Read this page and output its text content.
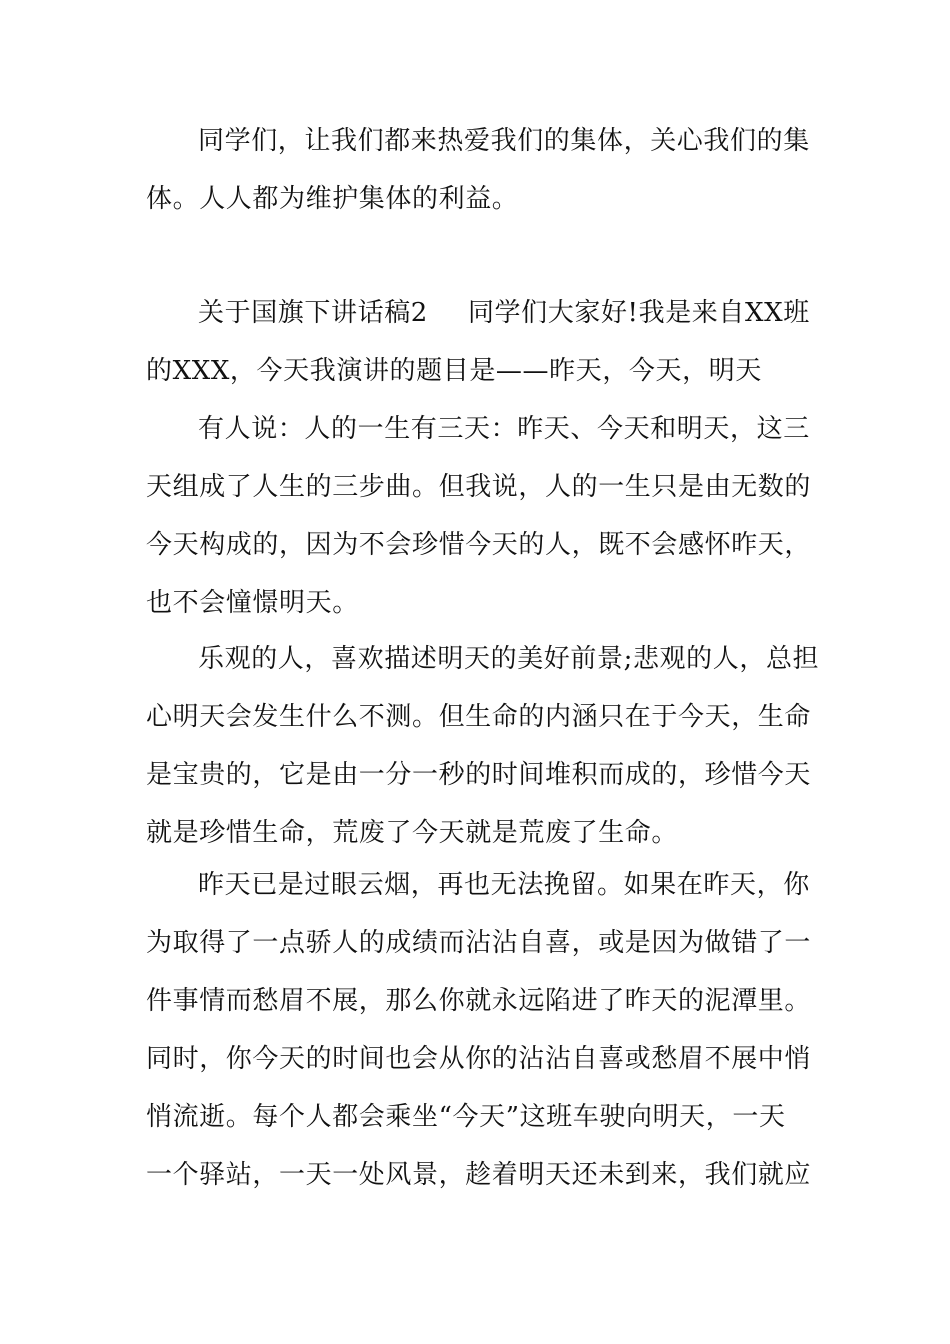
同学们，让我们都来热爱我们的集体，关心我们的集
体。人人都为维护集体的利益。

关于国旗下讲话稿2 同学们大家好!我是来自XX班
的XXX，今天我演讲的题目是——昨天，今天，明天

有人说：人的一生有三天：昨天、今天和明天，这三
天组成了人生的三步曲。但我说，人的一生只是由无数的
今天构成的，因为不会珍惜今天的人，既不会感怀昨天，
也不会憧憬明天。

乐观的人，喜欢描述明天的美好前景;悲观的人，总担
心明天会发生什么不测。但生命的内涵只在于今天，生命
是宝贵的，它是由一分一秒的时间堆积而成的，珍惜今天
就是珍惜生命，荒废了今天就是荒废了生命。

昨天已是过眼云烟，再也无法挽留。如果在昨天，你
为取得了一点骄人的成绩而沾沾自喜，或是因为做错了一
件事情而愁眉不展，那么你就永远陷进了昨天的泥潭里。
同时，你今天的时间也会从你的沾沾自喜或愁眉不展中悄
悄流逝。每个人都会乘坐“今天”这班车驶向明天，一天
一个驿站，一天一处风景，趁着明天还未到来，我们就应
